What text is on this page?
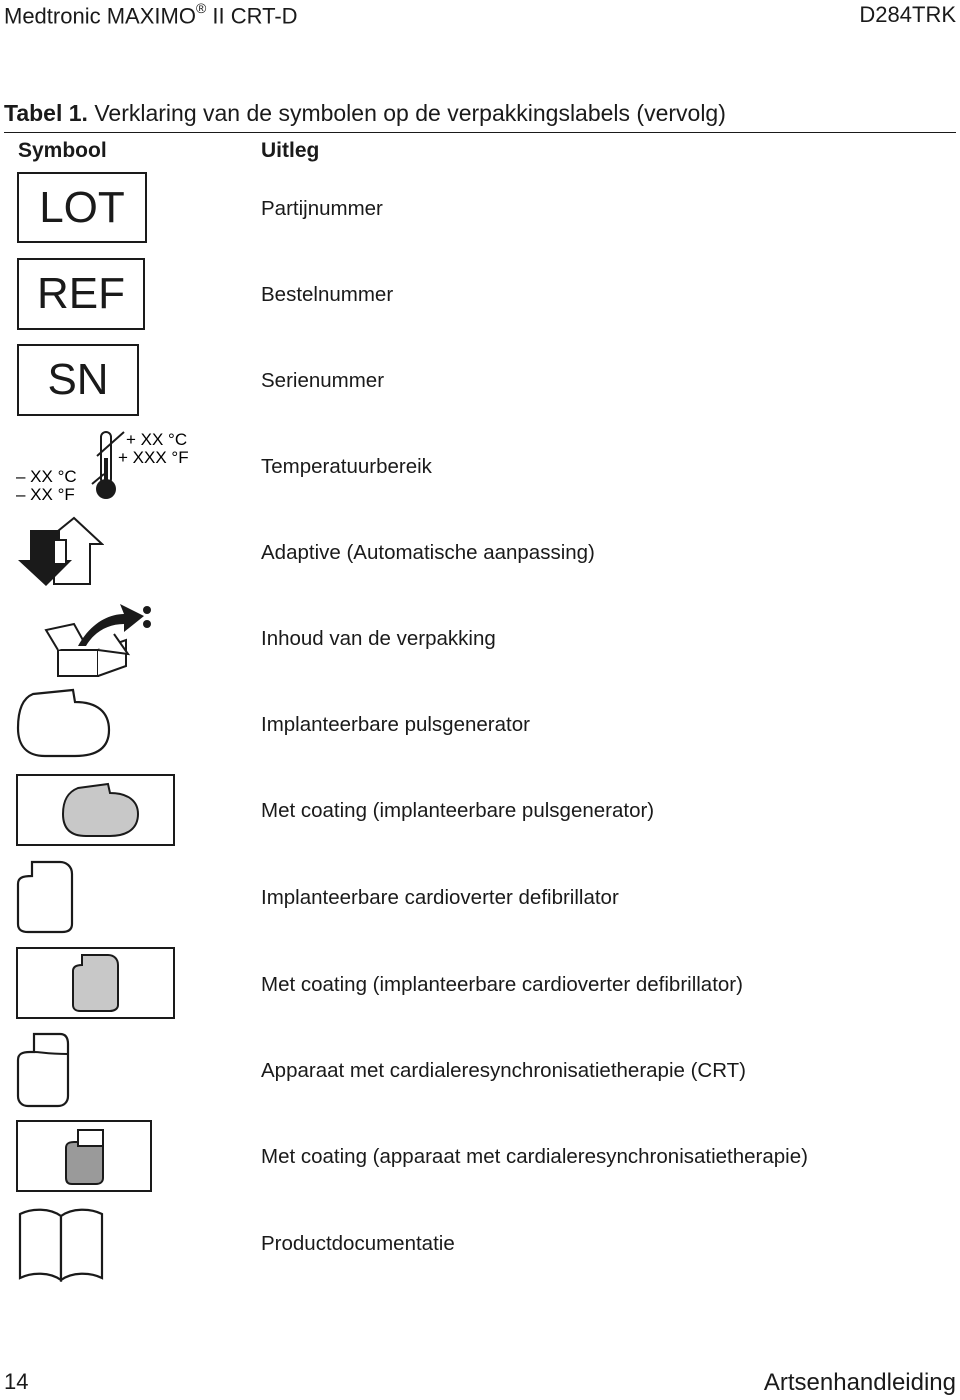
Medtronic MAXIMO® II CRT-D	D284TRK
Tabel 1. Verklaring van de symbolen op de verpakkingslabels (vervolg)
Symbool	Uitleg
LOT	Partijnummer
REF	Bestelnummer
SN	Serienummer
– XX °C
– XX °F
+ XX °C
+ XXX °F	Temperatuurbereik
Adaptive (Automatische aanpassing)
Inhoud van de verpakking
Implanteerbare pulsgenerator
Met coating (implanteerbare pulsgenerator)
Implanteerbare cardioverter defibrillator
Met coating (implanteerbare cardioverter defibrillator)
Apparaat met cardialeresynchronisatietherapie (CRT)
Met coating (apparaat met cardialeresynchronisatietherapie)
Productdocumentatie
14	Artsenhandleiding
